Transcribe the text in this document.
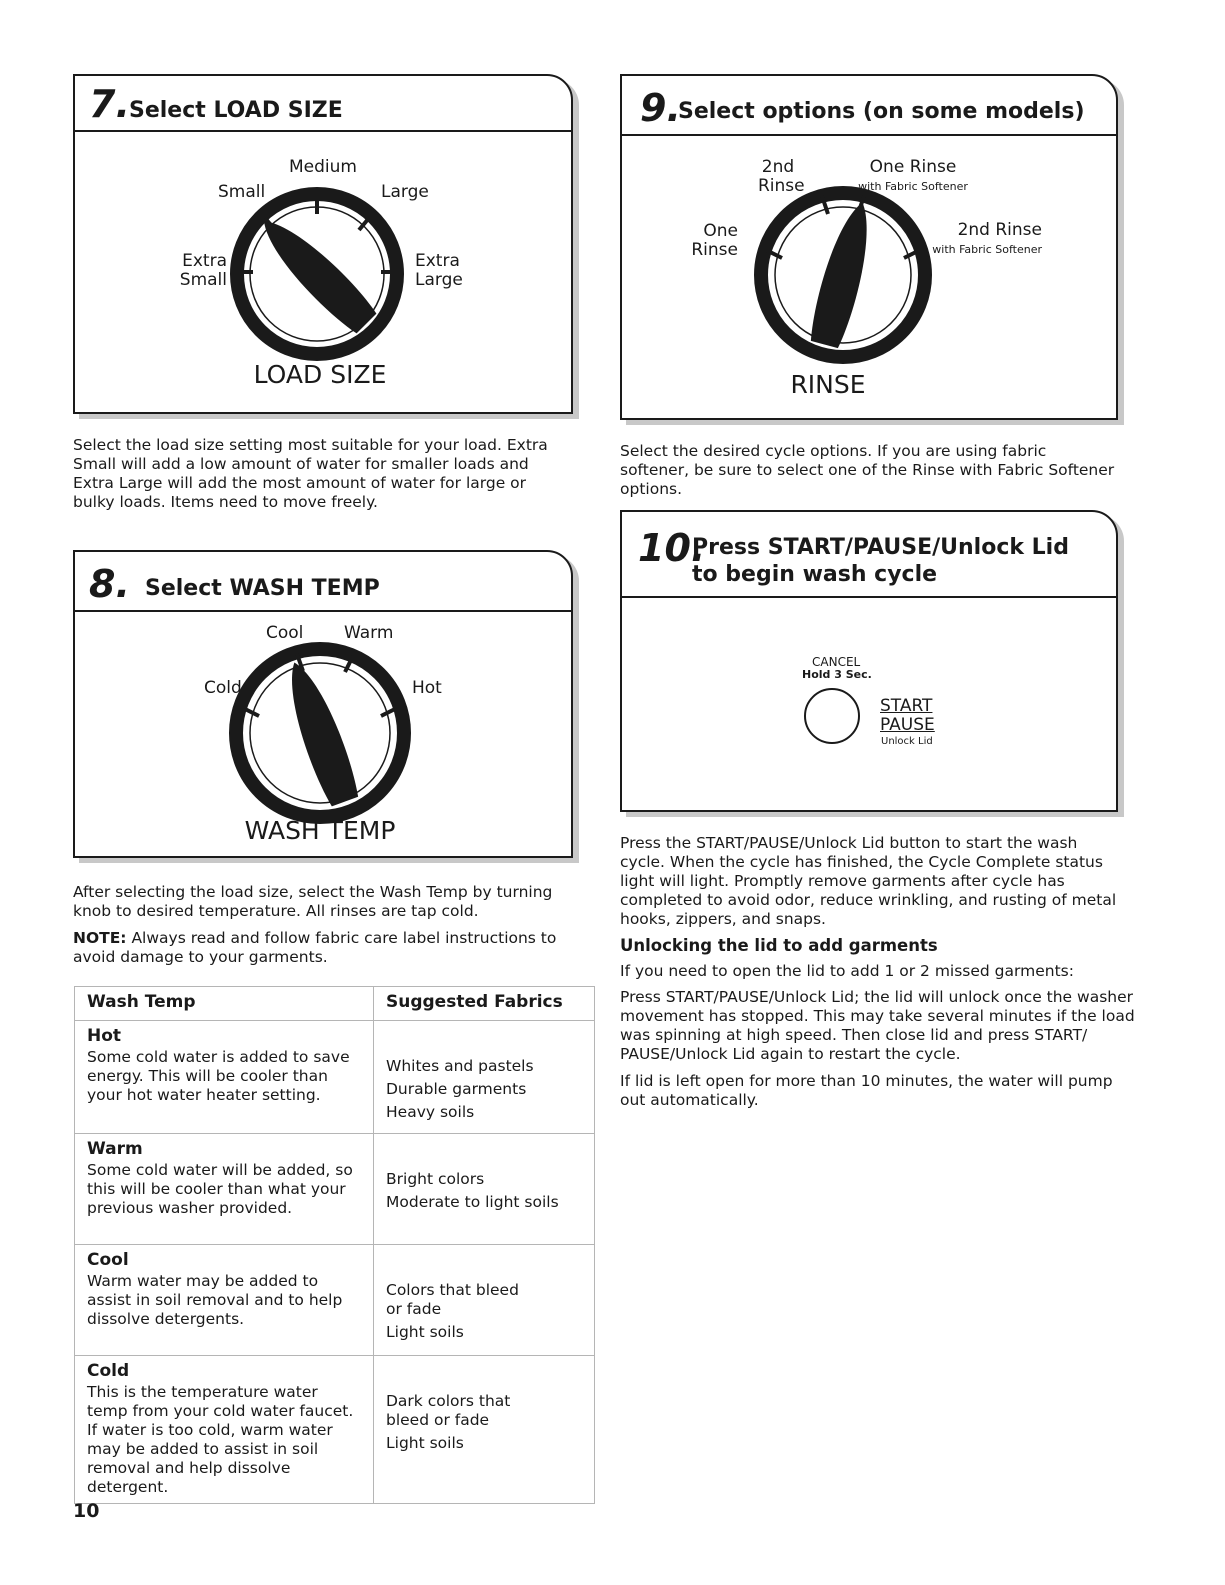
7. Select LOAD SIZE
Medium
Small	Large
Extra
Small
Extra
Large
LOAD SIZE
Select the load size setting most suitable for your load. Extra Small will add a low amount of water for smaller loads and Extra Large will add the most amount of water for large or bulky loads. Items need to move freely.
8. Select WASH TEMP
Cool Warm
Cold	Hot
WASH TEMP
After selecting the load size, select the Wash Temp by turning knob to desired temperature. All rinses are tap cold.
NOTE: Always read and follow fabric care label instructions to avoid damage to your garments.
Wash Temp	Suggested Fabrics

Hot
Some cold water is added to save energy. This will be cooler than your hot water heater setting.	Whites and pastels
Durable garments
Heavy soils

Warm
Some cold water will be added, so this will be cooler than what your previous washer provided.	Bright colors
Moderate to light soils

Cool
Warm water may be added to assist in soil removal and to help dissolve detergents.	Colors that bleed or fade
Light soils

Cold
This is the temperature water temp from your cold water faucet. If water is too cold, warm water may be added to assist in soil removal and help dissolve detergent.	Dark colors that bleed or fade
Light soils
10
9.
Select options (on some models)
2nd
Rinse
One Rinse
with Fabric Softener
One
Rinse
2nd Rinse
with Fabric Softener
RINSE
Select the desired cycle options. If you are using fabric softener, be sure to select one of the Rinse with Fabric Softener options.
10.
Press START/PAUSE/Unlock Lid
to begin wash cycle
CANCEL
Hold 3 Sec.
START
PAUSE
Unlock Lid
Press the START/PAUSE/Unlock Lid button to start the wash cycle. When the cycle has finished, the Cycle Complete status light will light. Promptly remove garments after cycle has completed to avoid odor, reduce wrinkling, and rusting of metal hooks, zippers, and snaps.
Unlocking the lid to add garments
If you need to open the lid to add 1 or 2 missed garments:
Press START/PAUSE/Unlock Lid; the lid will unlock once the washer movement has stopped. This may take several minutes if the load was spinning at high speed. Then close lid and press START/ PAUSE/Unlock Lid again to restart the cycle.
If lid is left open for more than 10 minutes, the water will pump out automatically.
